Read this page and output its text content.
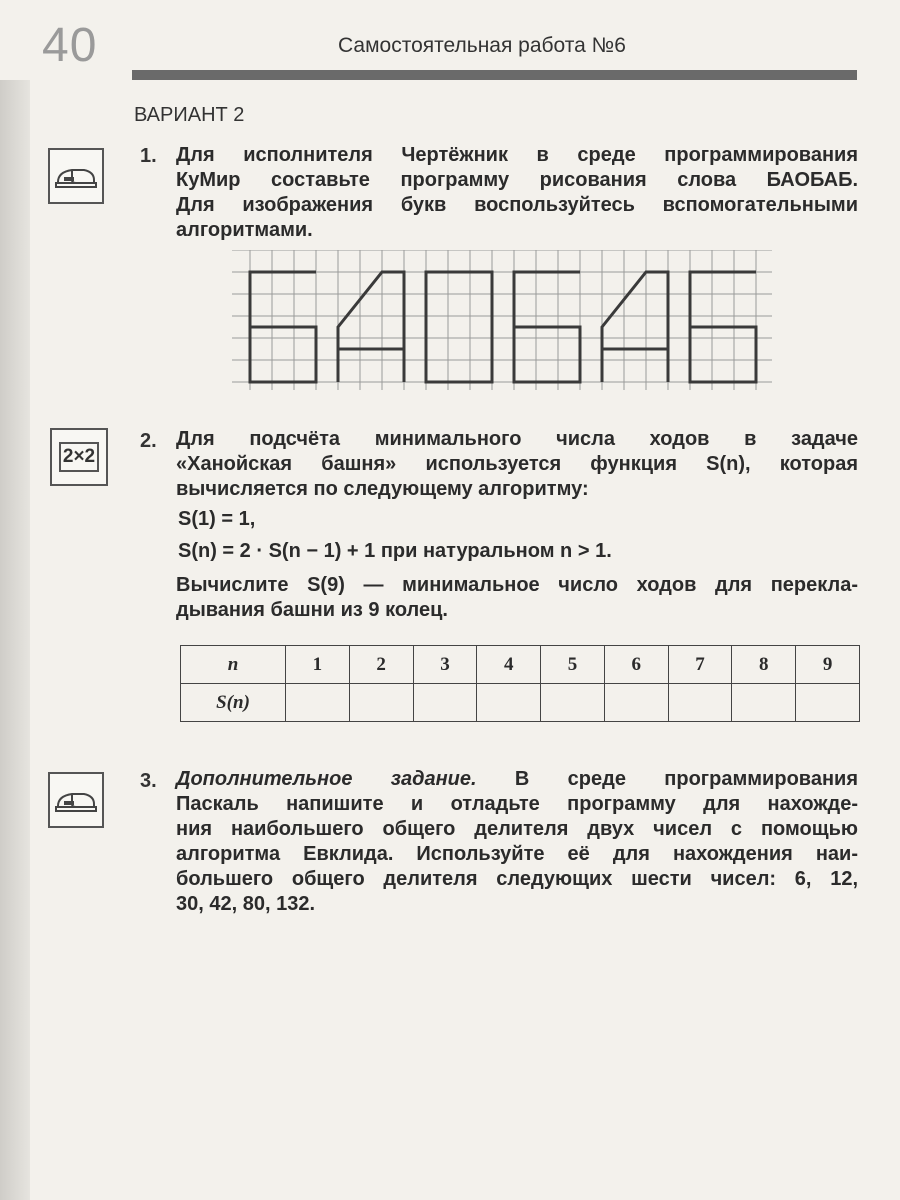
40	Самостоятельная работа №6
ВАРИАНТ 2
1. Для исполнителя Чертёжник в среде программирования
КуМир составьте программу рисования слова БАОБАБ.
Для изображения букв воспользуйтесь вспомогательными
алгоритмами.
2×2
2. Для подсчёта минимального числа ходов в задаче
«Ханойская башня» используется функция S(n), которая
вычисляется по следующему алгоритму:
S(1) = 1,
S(n) = 2 · S(n − 1) + 1 при натуральном n > 1.
Вычислите S(9) — минимальное число ходов для перекла-
дывания башни из 9 колец.
n	1	2	3	4	5	6	7	8	9
S(n)									
3. Дополнительное задание. В среде программирования
Паскаль напишите и отладьте программу для нахожде-
ния наибольшего общего делителя двух чисел с помощью
алгоритма Евклида. Используйте её для нахождения наи-
большего общего делителя следующих шести чисел: 6, 12,
30, 42, 80, 132.
